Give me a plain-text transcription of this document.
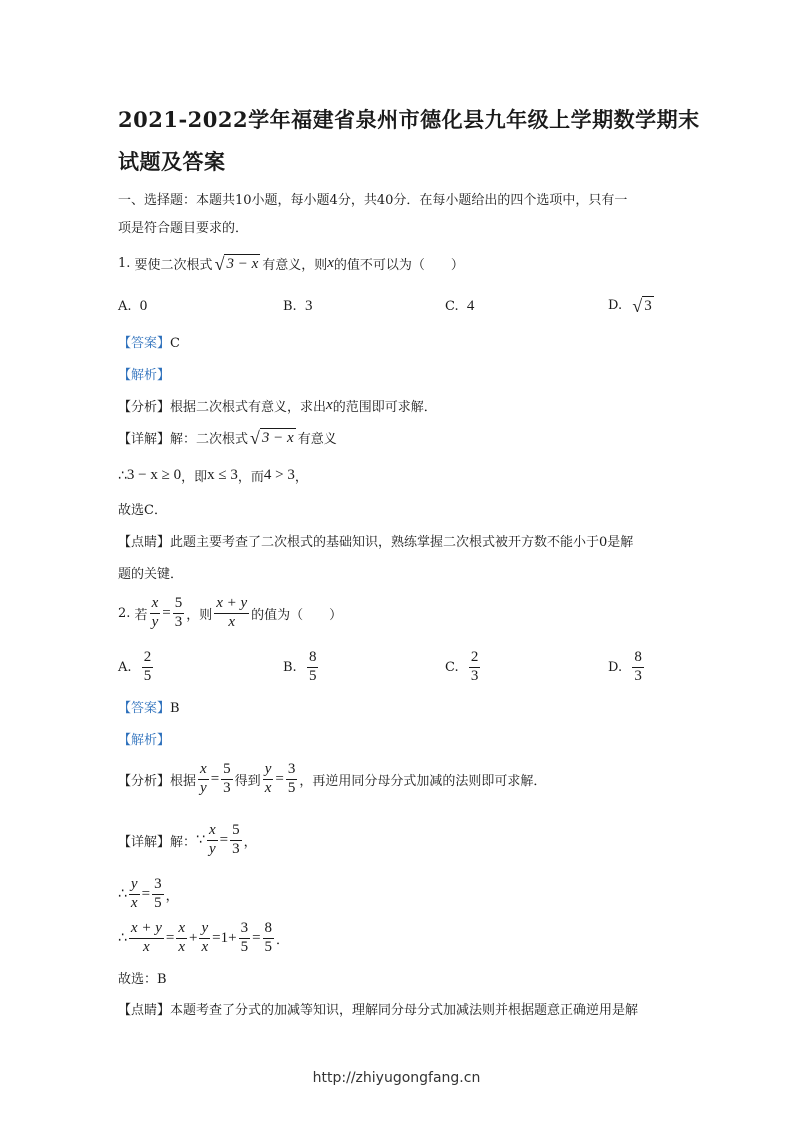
2021-2022学年福建省泉州市德化县九年级上学期数学期末
试题及答案
一、选择题：本题共10小题，每小题4分，共40分．在每小题给出的四个选项中，只有一
项是符合题目要求的．
1.
要使二次根式 √ 3 − x 有意义，则 x 的值不可以为（　　）
A. 0	B. 3	C. 4	D.
√ 3
【答案】C
【解析】
【分析】 根据二次根式有意义，求出 x 的范围即可求解．
【详解】 解：二次根式 √ 3 − x 有意义
∴ 3 − x ≥ 0 ，即 x ≤ 3 ，而 4 > 3 ，
故选C．
【点睛】此题主要考查了二次根式的基础知识，熟练掌握二次根式被开方数不能小于0是解
题的关键．
2.
若 $\frac{x}{y} = \frac{5}{3}$ ，则 $\frac{x + y}{x}$ 的值为（　　）
A.
$\frac{2}{5}$	B.
$\frac{8}{5}$	C.
$\frac{2}{3}$	D.
$\frac{8}{3}$
【答案】B
【解析】
【分析】 根据 $\frac{x}{y} = \frac{5}{3}$ 得到 $\frac{y}{x} = \frac{3}{5}$ ，再逆用同分母分式加减的法则即可求解．
【详解】 解： ∵ $\frac{x}{y} = \frac{5}{3}$ ，
∴ $\frac{y}{x} = \frac{3}{5}$ ，
∴ $\frac{x + y}{x} = \frac{x}{x} + \frac{y}{x} = 1+ \frac{3}{5} = \frac{8}{5}$ ．
故选：B
【点睛】本题考查了分式的加减等知识，理解同分母分式加减法则并根据题意正确逆用是解
http://zhiyugongfang.cn
